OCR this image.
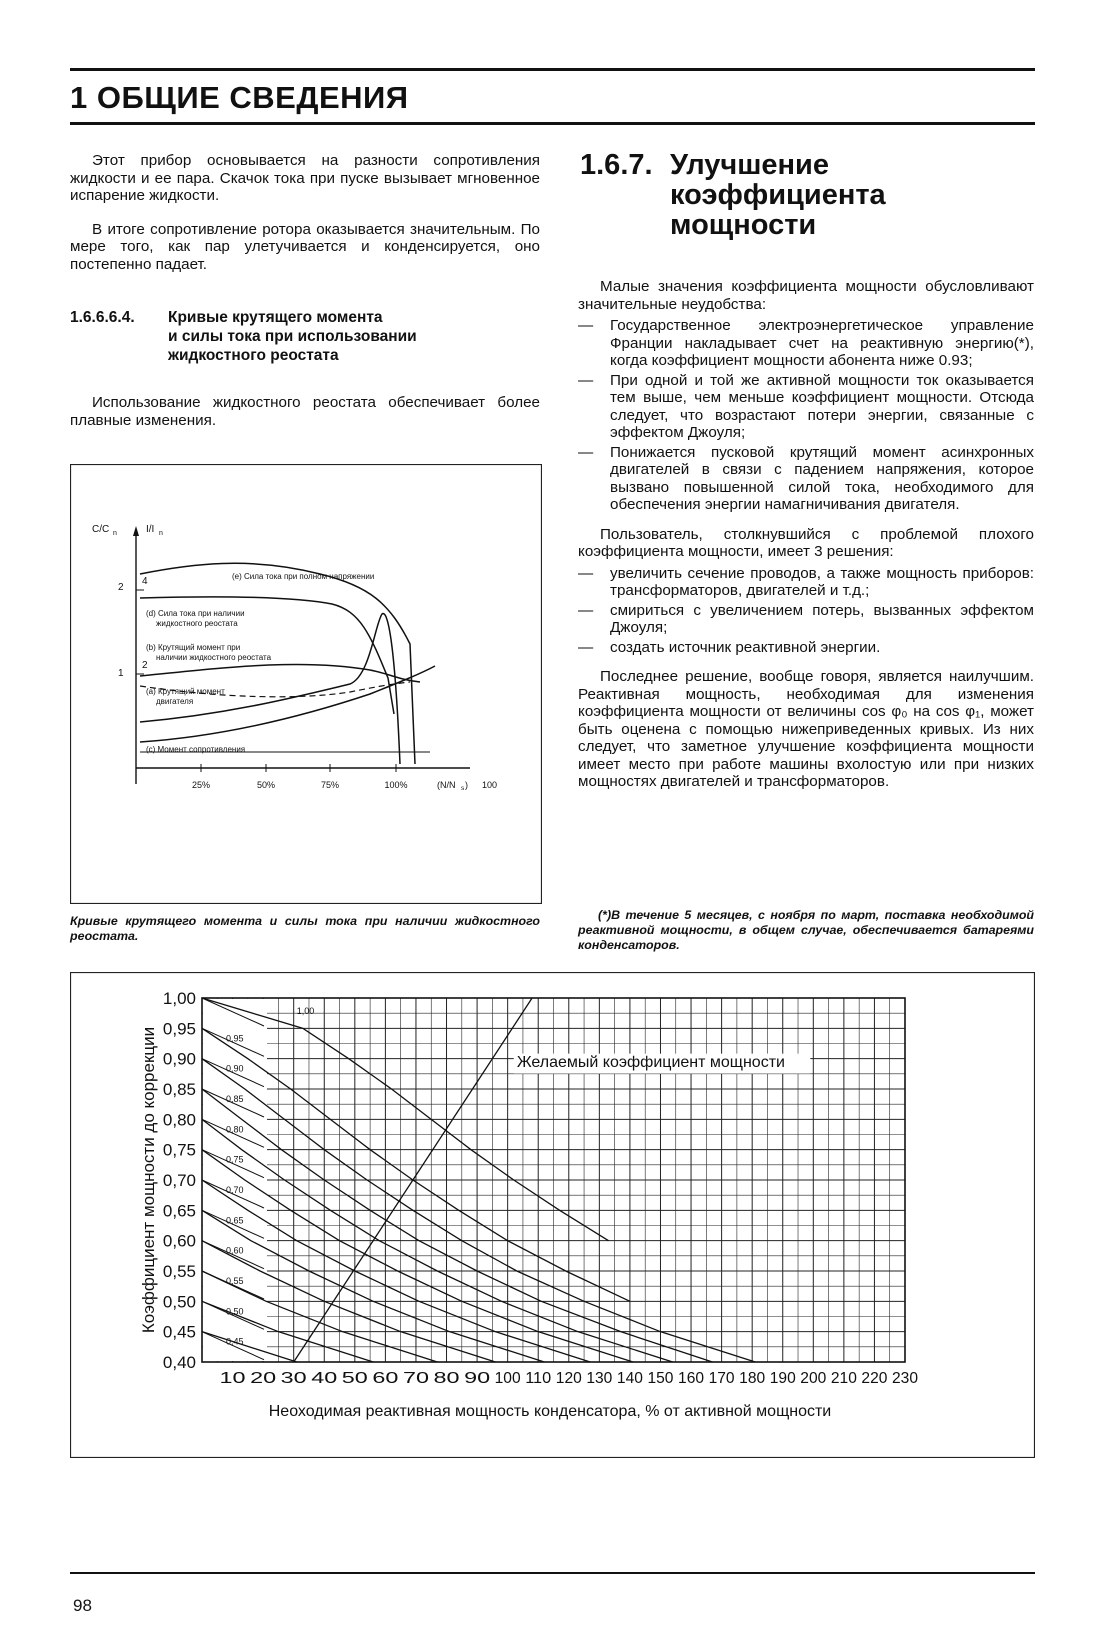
1 ОБЩИЕ СВЕДЕНИЯ

Этот прибор основывается на разности сопротивления жидкости и ее пара. Скачок тока при пуске вызывает мгновенное испарение жидкости.

В итоге сопротивление ротора оказывается значительным. По мере того, как пар улетучивается и конденсируется, оно постепенно падает.

1.6.6.6.4. Кривые крутящего момента
и силы тока при использовании
жидкостного реостата

Использование жидкостного реостата обеспечивает более плавные изменения.

C/C n	I/I n
2
1
4
2
25%	50%	75%	100%	(N/N s ) 100
(е) Сила тока при полном напряжении
(d) Сила тока при наличии
жидкостного реостата
(b) Крутящий момент при
наличии жидкостного реостата
(а) Крутящий момент
двигателя
(с) Момент сопротивления
Кривые крутящего момента и силы тока при наличии жидкостного реостата.
1.6.7. Улучшение
коэффициента
мощности

Малые значения коэффициента мощности обусловливают значительные неудобства:

— Государственное электроэнергетическое управление Франции накладывает счет на реактивную энергию(*), когда коэффициент мощности абонента ниже 0.93;
— При одной и той же активной мощности ток оказывается тем выше, чем меньше коэффициент мощности. Отсюда следует, что возрастают потери энергии, связанные с эффектом Джоуля;
— Понижается пусковой крутящий момент асинхронных двигателей в связи с падением напряжения, которое вызвано повышенной силой тока, необходимого для обеспечения энергии намагничивания двигателя.

Пользователь, столкнувшийся с проблемой плохого коэффициента мощности, имеет 3 решения:

— увеличить сечение проводов, а также мощность приборов: трансформаторов, двигателей и т.д.;
— смириться с увеличением потерь, вызванных эффектом Джоуля;
— создать источник реактивной энергии.

Последнее решение, вообще говоря, является наилучшим. Реактивная мощность, необходимая для изменения коэффициента мощности от величины cos φ₀ на cos φ₁, может быть оценена с помощью нижеприведенных кривых. Из них следует, что заметное улучшение коэффициента мощности имеет место при работе машины вхолостую или при низких мощностях двигателей и трансформаторов.

(*)В течение 5 месяцев, с ноября по март, поставка необходимой реактивной мощности, в общем случае, обеспечивается батареями конденсаторов.
1,00
0,95
0,90
0,85
0,80
0,75
0,70
0,65
0,60
0,55
0,50
0,45
Желаемый коэффициент мощности
1,00
0,95
0,90
0,85
0,80
0,75
0,70
0,65
0,60
0,55
0,50
0,45
0,40
10 20 30 40 50 60 70 80 90 100 110 120 130 140 150 160 170 180 190 200 210 220 230
Неоходимая реактивная мощность конденсатора, % от активной мощности
Коэффициент мощности до коррекции
98
